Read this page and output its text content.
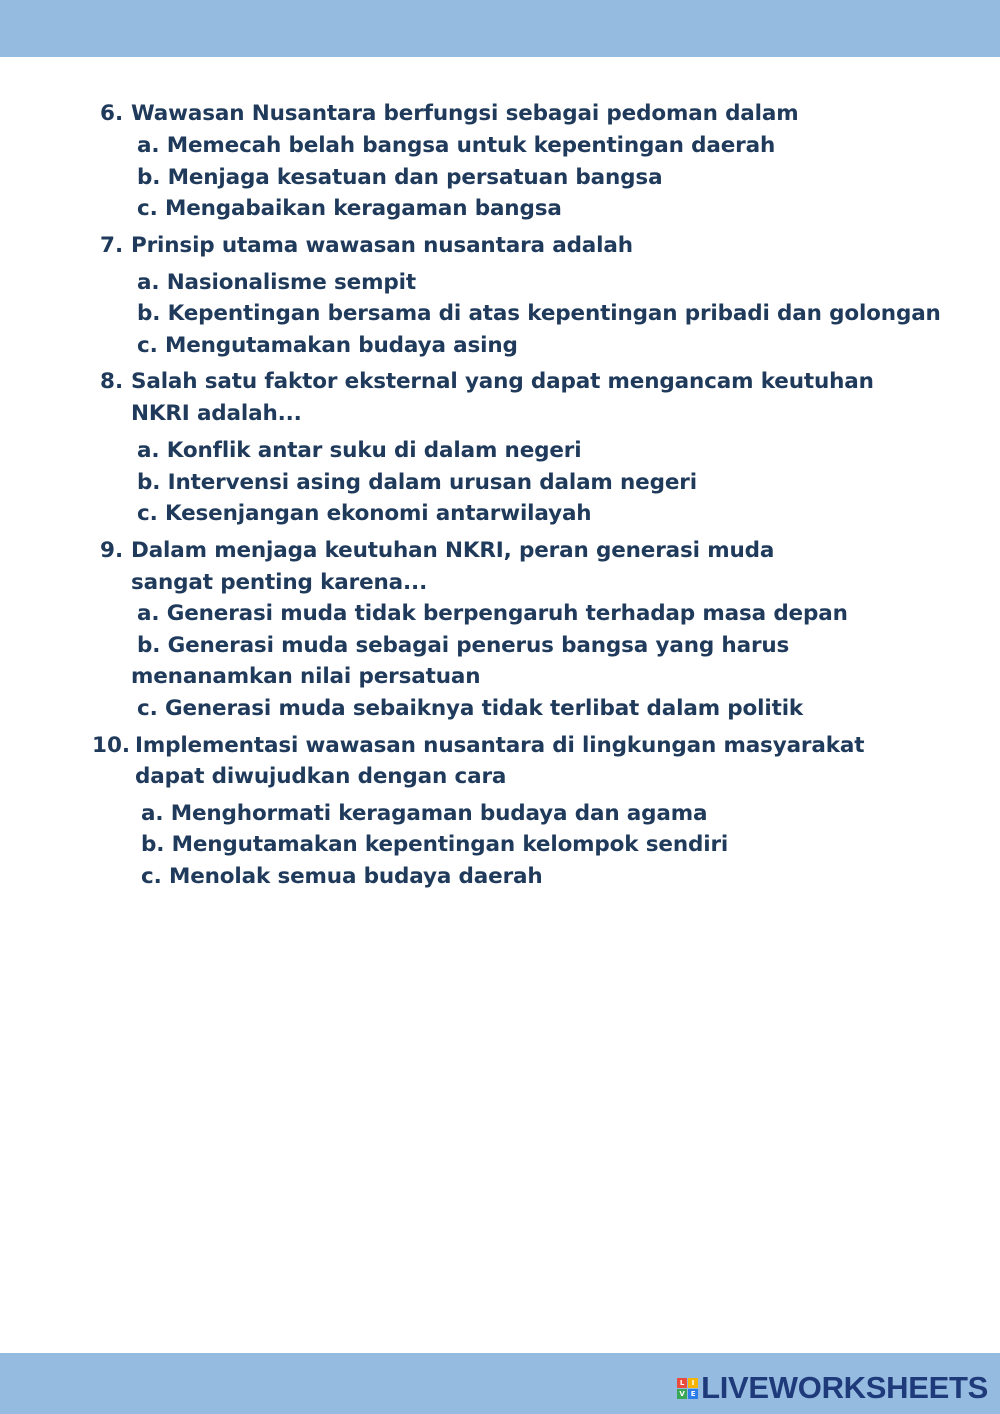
6. Wawasan Nusantara berfungsi sebagai pedoman dalam
a. Memecah belah bangsa untuk kepentingan daerah
b. Menjaga kesatuan dan persatuan bangsa
c. Mengabaikan keragaman bangsa
7. Prinsip utama wawasan nusantara adalah
a. Nasionalisme sempit
b. Kepentingan bersama di atas kepentingan pribadi dan golongan
c. Mengutamakan budaya asing
8. Salah satu faktor eksternal yang dapat mengancam keutuhan
NKRI adalah...
a. Konflik antar suku di dalam negeri
b. Intervensi asing dalam urusan dalam negeri
c. Kesenjangan ekonomi antarwilayah
9. Dalam menjaga keutuhan NKRI, peran generasi muda
sangat penting karena...
a. Generasi muda tidak berpengaruh terhadap masa depan
b. Generasi muda sebagai penerus bangsa yang harus
menanamkan nilai persatuan
c. Generasi muda sebaiknya tidak terlibat dalam politik
10. Implementasi wawasan nusantara di lingkungan masyarakat
dapat diwujudkan dengan cara
a. Menghormati keragaman budaya dan agama
b. Mengutamakan kepentingan kelompok sendiri
c. Menolak semua budaya daerah
L	I
V E LIVEWORKSHEETS
